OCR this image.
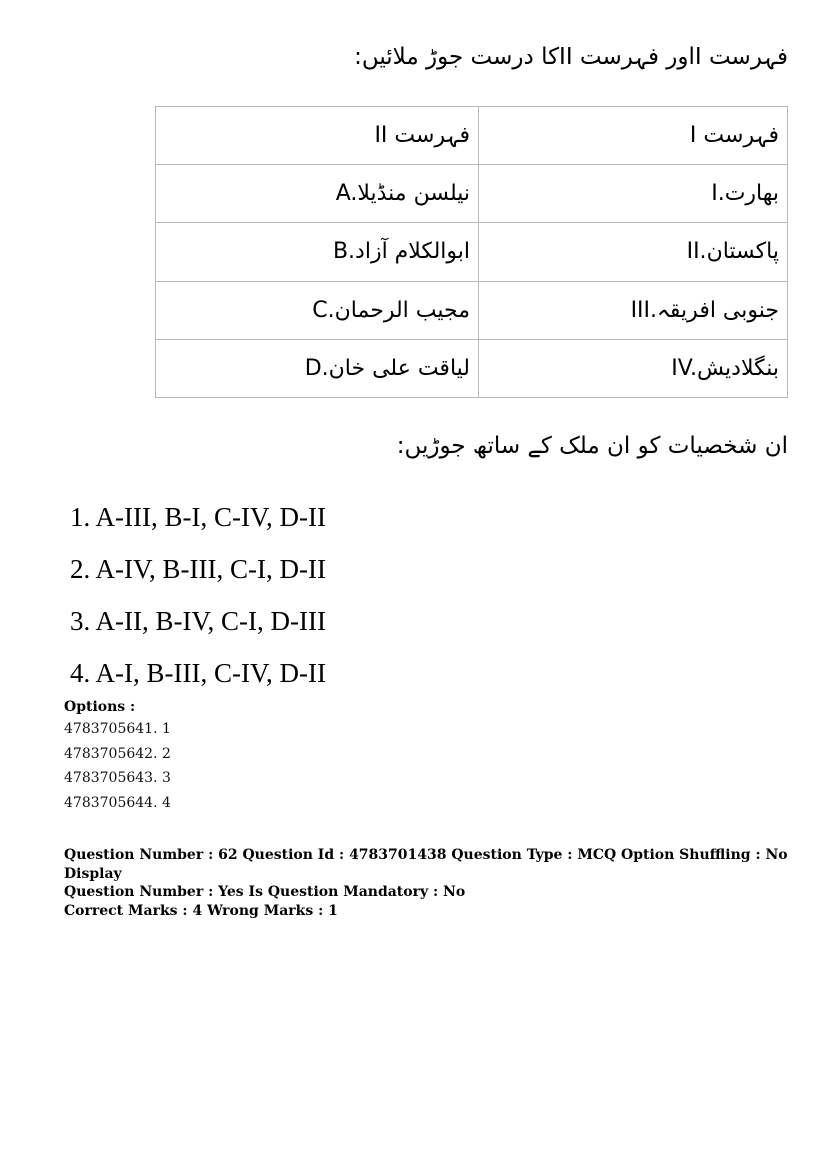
فہرست Iاور فہرست IIکا درست جوڑ ملائیں:
فہرست II	فہرست I
A.نیلسن منڈیلا	I.بھارت
B.ابوالکلام آزاد	II.پاکستان
C.مجیب الرحمان	III.جنوبی افریقہ
D.لیاقت علی خان	IV.بنگلادیش
ان شخصیات کو ان ملک کے ساتھ جوڑیں:
1. A-III, B-I, C-IV, D-II
2. A-IV, B-III, C-I, D-II
3. A-II, B-IV, C-I, D-III
4. A-I, B-III, C-IV, D-II
Options :
4783705641. 1
4783705642. 2
4783705643. 3
4783705644. 4
Question Number : 62 Question Id : 4783701438 Question Type : MCQ Option Shuffling : No Display
Question Number : Yes Is Question Mandatory : No
Correct Marks : 4 Wrong Marks : 1
